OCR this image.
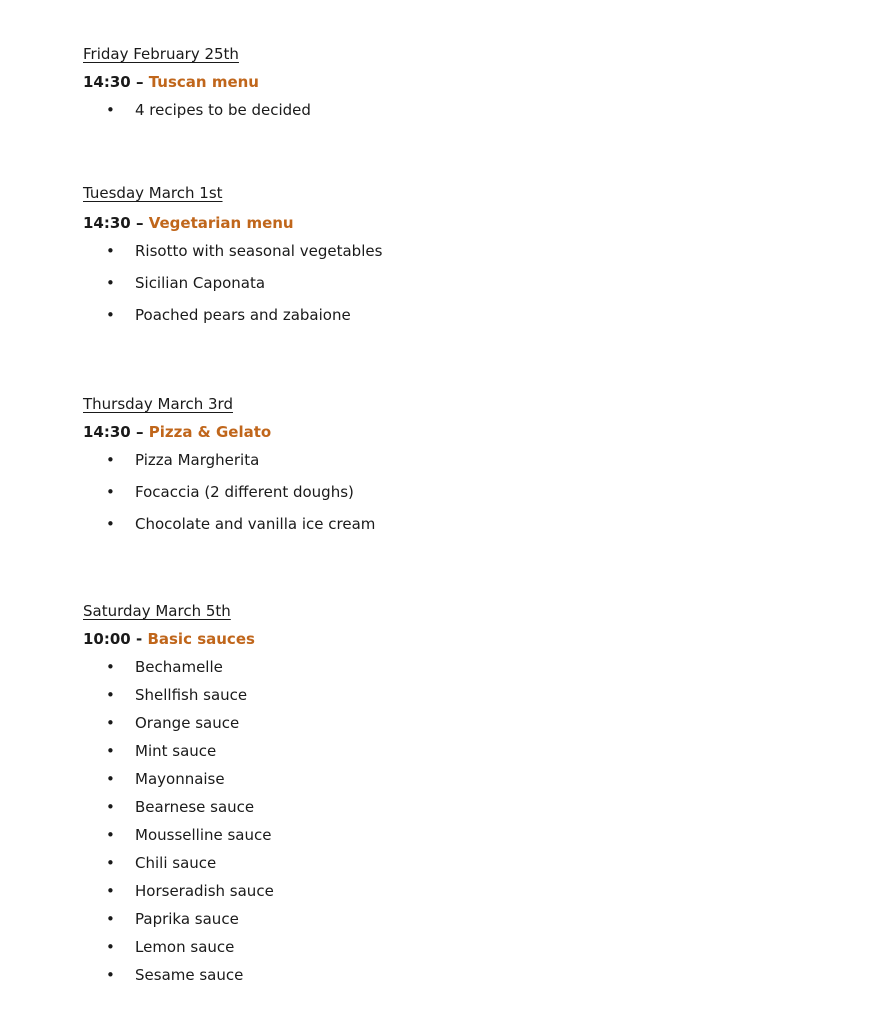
Friday February 25th
14:30 – Tuscan menu
• 4 recipes to be decided
Tuesday March 1st
14:30 – Vegetarian menu
• Risotto with seasonal vegetables
• Sicilian Caponata
• Poached pears and zabaione
Thursday March 3rd
14:30 – Pizza & Gelato
• Pizza Margherita
• Focaccia (2 different doughs)
• Chocolate and vanilla ice cream
Saturday March 5th
10:00 - Basic sauces
• Bechamelle
• Shellfish sauce
• Orange sauce
• Mint sauce
• Mayonnaise
• Bearnese sauce
• Mousselline sauce
• Chili sauce
• Horseradish sauce
• Paprika sauce
• Lemon sauce
• Sesame sauce
